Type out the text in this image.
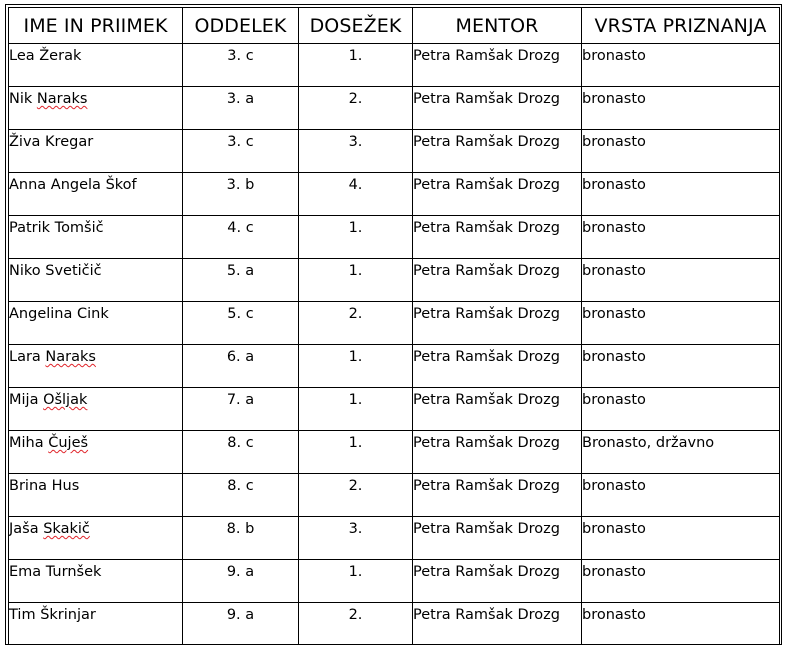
IME IN PRIIMEK	ODDELEK	DOSEŽEK	MENTOR	VRSTA PRIZNANJA
Lea Žerak	3. c	1.	Petra Ramšak Drozg	bronasto
Nik Naraks	3. a	2.	Petra Ramšak Drozg	bronasto
Živa Kregar	3. c	3.	Petra Ramšak Drozg	bronasto
Anna Angela Škof	3. b	4.	Petra Ramšak Drozg	bronasto
Patrik Tomšič	4. c	1.	Petra Ramšak Drozg	bronasto
Niko Svetičič	5. a	1.	Petra Ramšak Drozg	bronasto
Angelina Cink	5. c	2.	Petra Ramšak Drozg	bronasto
Lara Naraks	6. a	1.	Petra Ramšak Drozg	bronasto
Mija Ošljak	7. a	1.	Petra Ramšak Drozg	bronasto
Miha Čuješ	8. c	1.	Petra Ramšak Drozg	Bronasto, državno
Brina Hus	8. c	2.	Petra Ramšak Drozg	bronasto
Jaša Skakič	8. b	3.	Petra Ramšak Drozg	bronasto
Ema Turnšek	9. a	1.	Petra Ramšak Drozg	bronasto
Tim Škrinjar	9. a	2.	Petra Ramšak Drozg	bronasto
